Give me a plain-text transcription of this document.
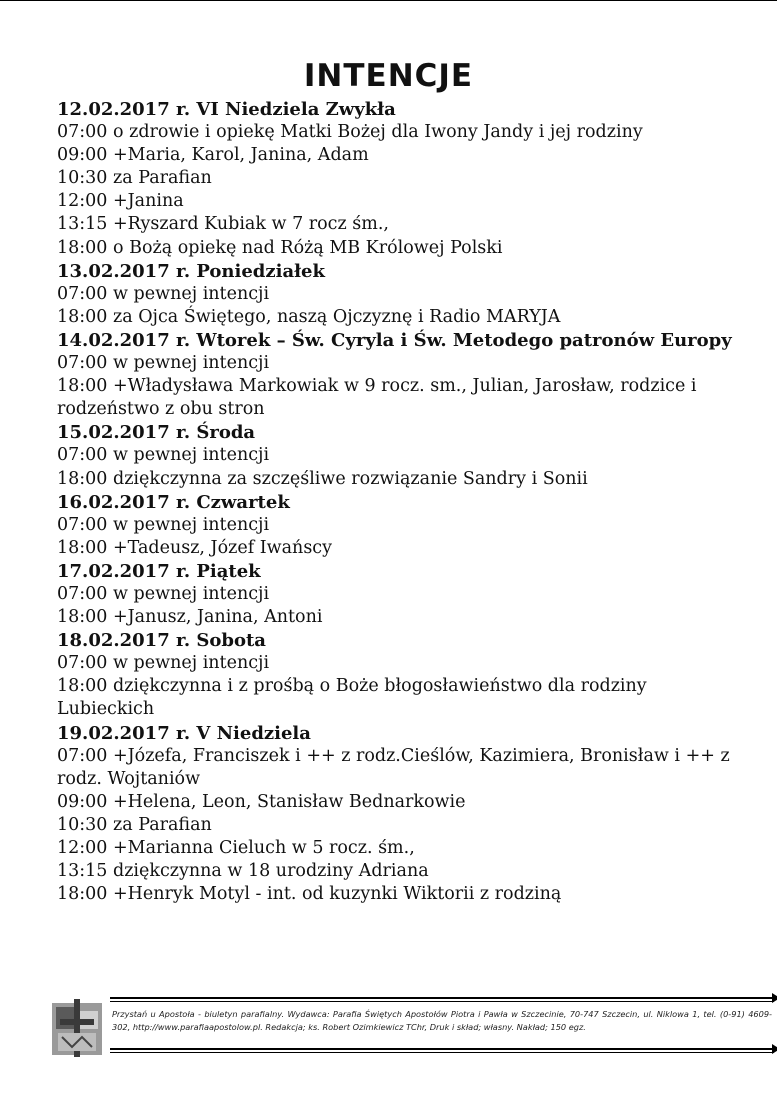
INTENCJE
12.02.2017 r. VI Niedziela Zwykła
07:00 o zdrowie i opiekę Matki Bożej dla Iwony Jandy i jej rodziny
09:00 +Maria, Karol, Janina, Adam
10:30 za Parafian
12:00 +Janina
13:15 +Ryszard Kubiak w 7 rocz śm.,
18:00 o Bożą opiekę nad Różą MB Królowej Polski
13.02.2017 r. Poniedziałek
07:00 w pewnej intencji
18:00 za Ojca Świętego, naszą Ojczyznę i Radio MARYJA
14.02.2017 r. Wtorek – Św. Cyryla i Św. Metodego patronów Europy
07:00 w pewnej intencji
18:00 +Władysława Markowiak w 9 rocz. sm., Julian, Jarosław, rodzice i rodzeństwo z obu stron
15.02.2017 r. Środa
07:00 w pewnej intencji
18:00 dziękczynna za szczęśliwe rozwiązanie Sandry i Sonii
16.02.2017 r. Czwartek
07:00 w pewnej intencji
18:00 +Tadeusz, Józef Iwańscy
17.02.2017 r. Piątek
07:00 w pewnej intencji
18:00 +Janusz, Janina, Antoni
18.02.2017 r. Sobota
07:00 w pewnej intencji
18:00 dziękczynna i z prośbą o Boże błogosławieństwo dla rodziny Lubieckich
19.02.2017 r. V Niedziela
07:00 +Józefa, Franciszek i ++ z rodz.Cieślów, Kazimiera, Bronisław i ++ z rodz. Wojtaniów
09:00 +Helena, Leon, Stanisław Bednarkowie
10:30 za Parafian
12:00 +Marianna Cieluch w 5 rocz. śm.,
13:15 dziękczynna w 18 urodziny Adriana
18:00 +Henryk Motyl - int. od kuzynki Wiktorii z rodziną
Przystań u Apostoła - biuletyn parafialny. Wydawca: Parafia Świętych Apostołów Piotra i Pawła w Szczecinie, 70-747 Szczecin, ul. Niklowa 1, tel. (0-91) 4609-302, http://www.parafiaapostolow.pl. Redakcja; ks. Robert Ozimkiewicz TChr, Druk i skład; własny. Nakład; 150 egz.
